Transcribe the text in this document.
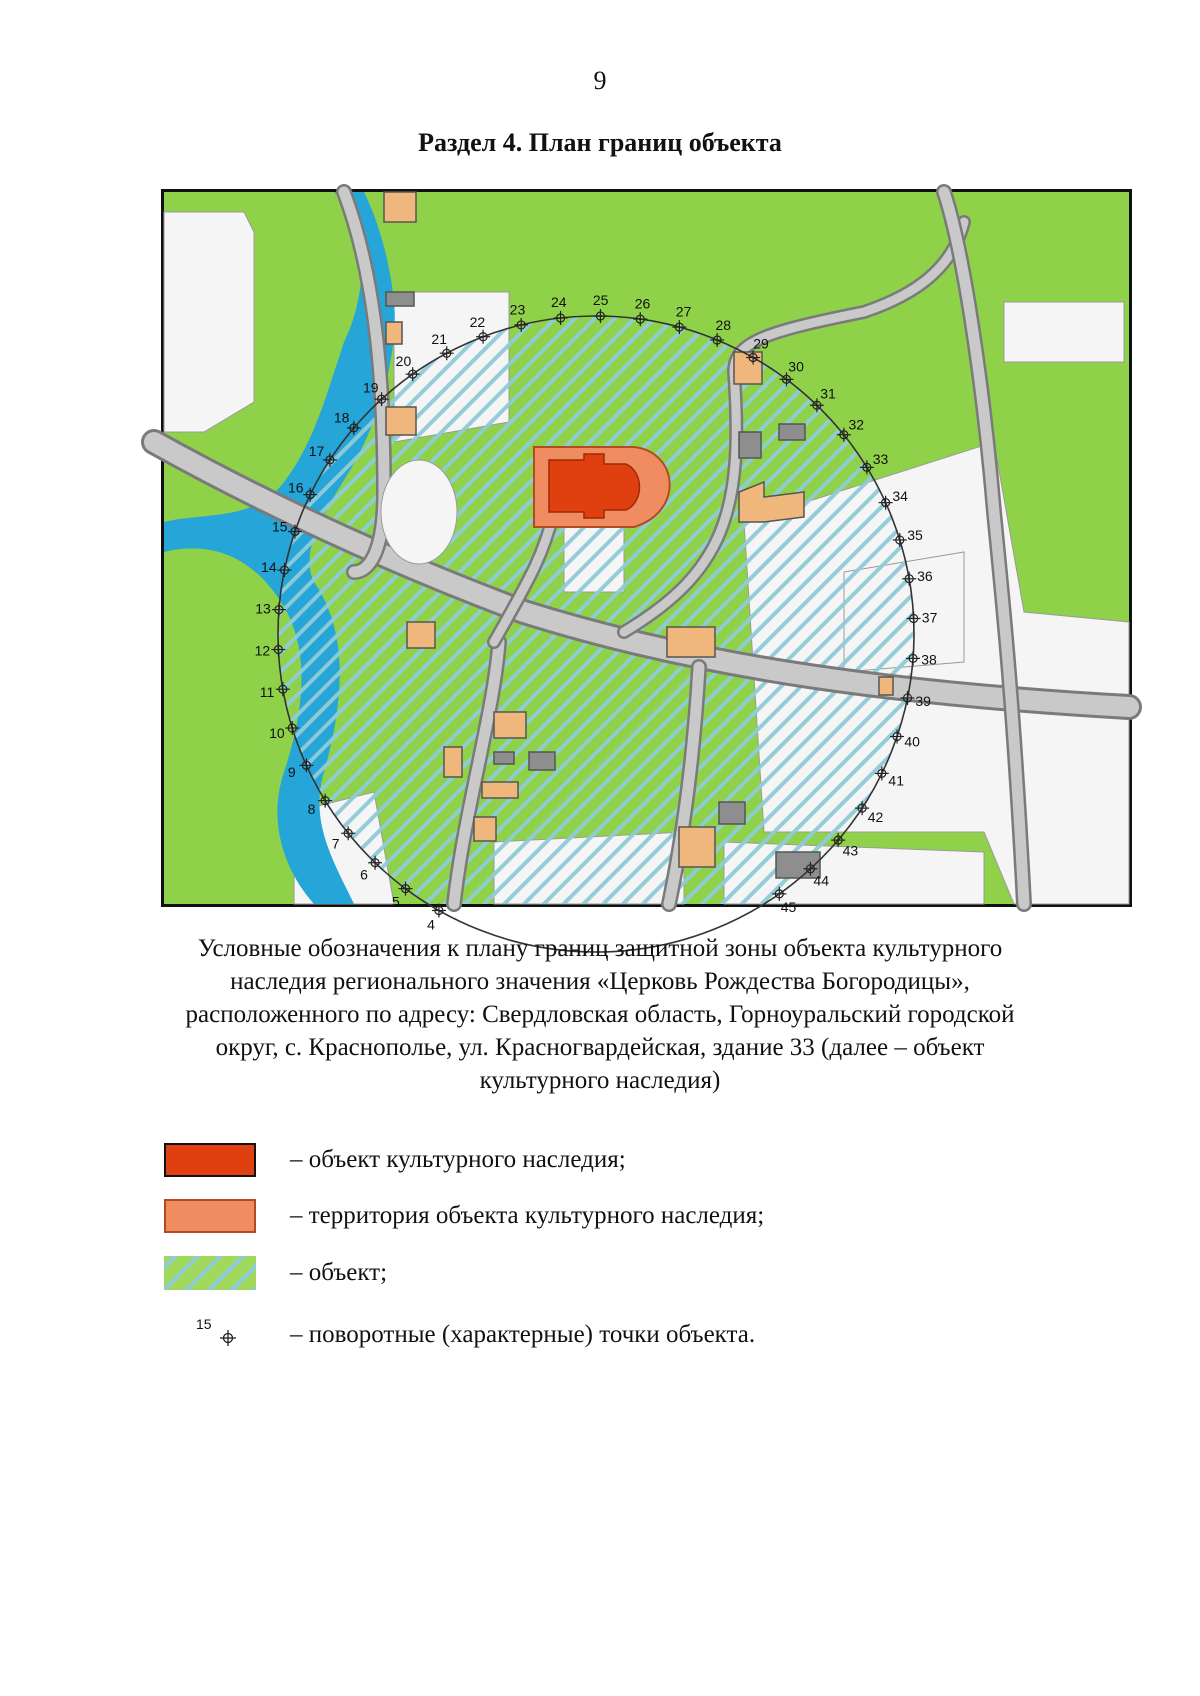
9
Раздел 4. План границ объекта
4
5
6
7
8
9
10
11
12
13
14
15
16
17
18
19
20
21
22
23 24 25 26
27
28
29
30
31
32
33
34
35
36
37
38
39
40
41
42
43
44
45
Условные обозначения к плану границ защитной зоны объекта культурного
наследия регионального значения «Церковь Рождества Богородицы»,
расположенного по адресу: Свердловская область, Горноуральский городской
округ, с. Краснополье, ул. Красногвардейская, здание 33 (далее – объект
культурного наследия)
– объект культурного наследия;
– территория объекта культурного наследия;
– объект;
15	– поворотные (характерные) точки объекта.
